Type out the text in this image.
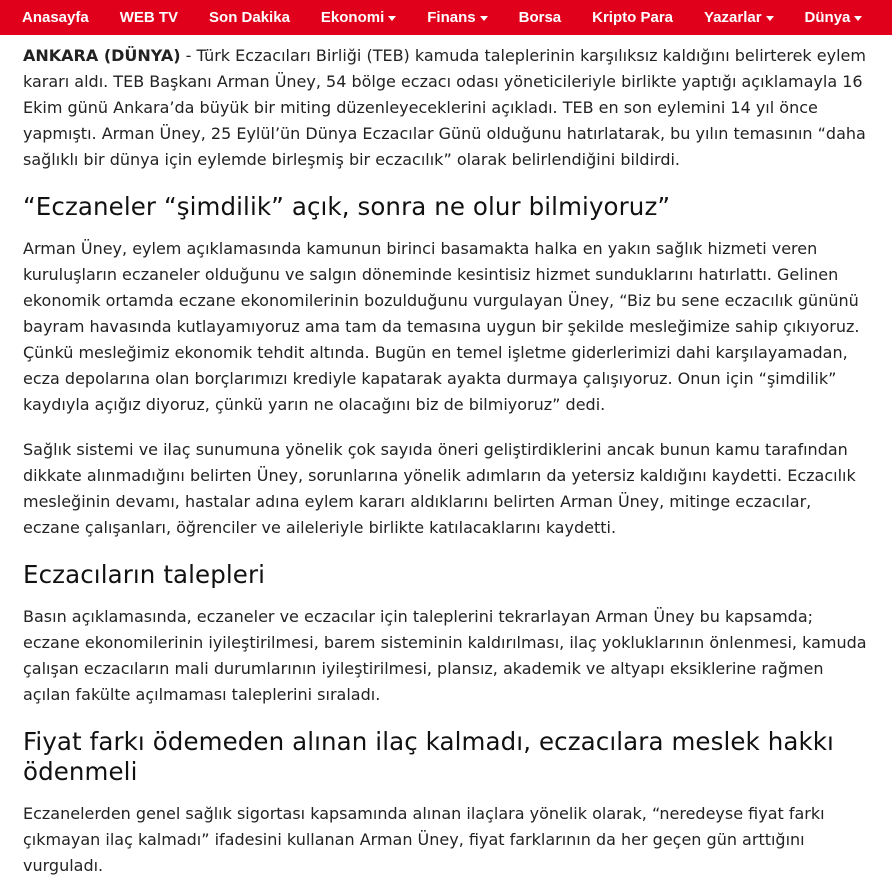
Anasayfa WEB TV Son Dakika Ekonomi	Finans	Borsa Kripto Para Yazarlar	Dünya

ANKARA (DÜNYA) - Türk Eczacıları Birliği (TEB) kamuda taleplerinin karşılıksız kaldığını belirterek eylem kararı aldı. TEB Başkanı Arman Üney, 54 bölge eczacı odası yöneticileriyle birlikte yaptığı açıklamayla 16 Ekim günü Ankara’da büyük bir miting düzenleyeceklerini açıkladı. TEB en son eylemini 14 yıl önce yapmıştı. Arman Üney, 25 Eylül’ün Dünya Eczacılar Günü olduğunu hatırlatarak, bu yılın temasının “daha sağlıklı bir dünya için eylemde birleşmiş bir eczacılık” olarak belirlendiğini bildirdi.

“Eczaneler “şimdilik” açık, sonra ne olur bilmiyoruz”

Arman Üney, eylem açıklamasında kamunun birinci basamakta halka en yakın sağlık hizmeti veren kuruluşların eczaneler olduğunu ve salgın döneminde kesintisiz hizmet sunduklarını hatırlattı. Gelinen ekonomik ortamda eczane ekonomilerinin bozulduğunu vurgulayan Üney, “Biz bu sene eczacılık gününü bayram havasında kutlayamıyoruz ama tam da temasına uygun bir şekilde mesleğimize sahip çıkıyoruz. Çünkü mesleğimiz ekonomik tehdit altında. Bugün en temel işletme giderlerimizi dahi karşılayamadan, ecza depolarına olan borçlarımızı krediyle kapatarak ayakta durmaya çalışıyoruz. Onun için “şimdilik” kaydıyla açığız diyoruz, çünkü yarın ne olacağını biz de bilmiyoruz” dedi.

Sağlık sistemi ve ilaç sunumuna yönelik çok sayıda öneri geliştirdiklerini ancak bunun kamu tarafından dikkate alınmadığını belirten Üney, sorunlarına yönelik adımların da yetersiz kaldığını kaydetti. Eczacılık mesleğinin devamı, hastalar adına eylem kararı aldıklarını belirten Arman Üney, mitinge eczacılar, eczane çalışanları, öğrenciler ve aileleriyle birlikte katılacaklarını kaydetti.

Eczacıların talepleri

Basın açıklamasında, eczaneler ve eczacılar için taleplerini tekrarlayan Arman Üney bu kapsamda; eczane ekonomilerinin iyileştirilmesi, barem sisteminin kaldırılması, ilaç yokluklarının önlenmesi, kamuda çalışan eczacıların mali durumlarının iyileştirilmesi, plansız, akademik ve altyapı eksiklerine rağmen açılan fakülte açılmaması taleplerini sıraladı.

Fiyat farkı ödemeden alınan ilaç kalmadı, eczacılara meslek hakkı ödenmeli

Eczanelerden genel sağlık sigortası kapsamında alınan ilaçlara yönelik olarak, “neredeyse fiyat farkı çıkmayan ilaç kalmadı” ifadesini kullanan Arman Üney, fiyat farklarının da her geçen gün arttığını vurguladı.
